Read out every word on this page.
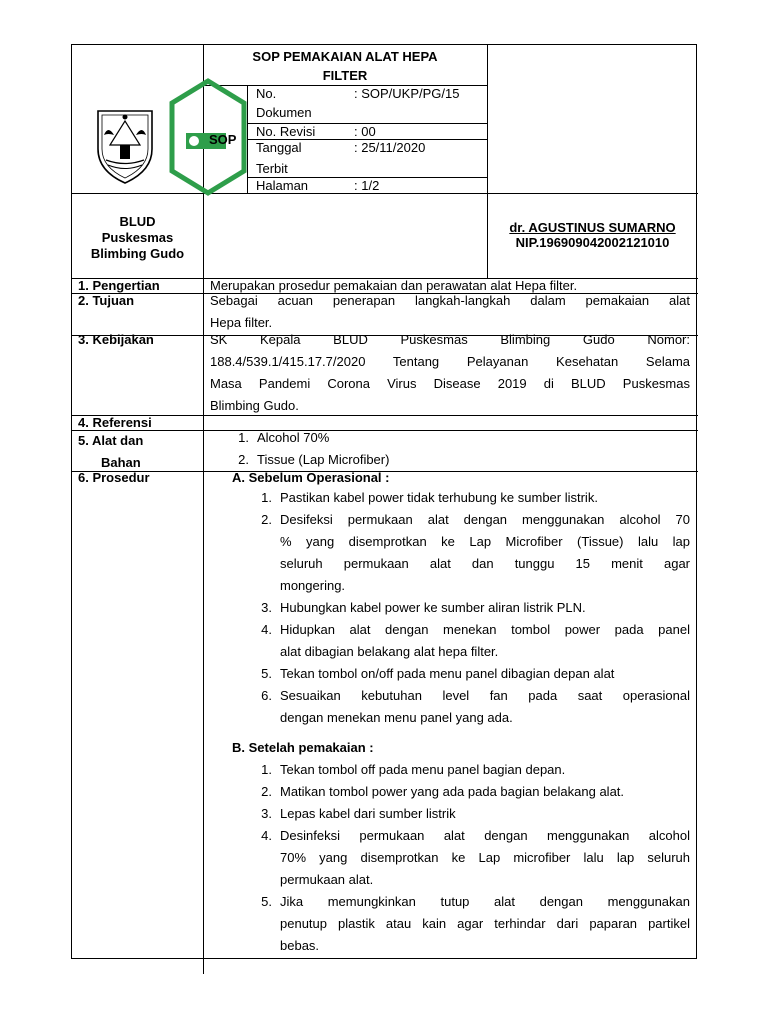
SOP
SOP PEMAKAIAN ALAT HEPA
FILTER
No.
Dokumen
: SOP/UKP/PG/15
No. Revisi	: 00
Tanggal
Terbit
: 25/11/2020
Halaman	: 1/2
BLUD
Puskesmas
Blimbing Gudo
dr. AGUSTINUS SUMARNO
NIP.196909042002121010
1. Pengertian
2. Tujuan
3. Kebijakan
4. Referensi
5. Alat dan
Bahan
6. Prosedur
Merupakan prosedur pemakaian dan perawatan alat Hepa filter.
Sebagai acuan penerapan langkah-langkah dalam pemakaian alat
Hepa filter.
SK Kepala BLUD Puskesmas Blimbing Gudo Nomor:
188.4/539.1/415.17.7/2020 Tentang Pelayanan Kesehatan Selama
Masa Pandemi Corona Virus Disease 2019 di BLUD Puskesmas
Blimbing Gudo.
1. Alcohol 70%
2. Tissue (Lap Microfiber)
A. Sebelum Operasional :
1. Pastikan kabel power tidak terhubung ke sumber listrik.
2. Desifeksi permukaan alat dengan menggunakan alcohol 70
% yang disemprotkan ke Lap Microfiber (Tissue) lalu lap
seluruh permukaan alat dan tunggu 15 menit agar
mongering.
3. Hubungkan kabel power ke sumber aliran listrik PLN.
4. Hidupkan alat dengan menekan tombol power pada panel
alat dibagian belakang alat hepa filter.
5. Tekan tombol on/off pada menu panel dibagian depan alat
6. Sesuaikan kebutuhan level fan pada saat operasional
dengan menekan menu panel yang ada.
B. Setelah pemakaian :
1. Tekan tombol off pada menu panel bagian depan.
2. Matikan tombol power yang ada pada bagian belakang alat.
3. Lepas kabel dari sumber listrik
4. Desinfeksi permukaan alat dengan menggunakan alcohol
70% yang disemprotkan ke Lap microfiber lalu lap seluruh
permukaan alat.
5. Jika memungkinkan tutup alat dengan menggunakan
penutup plastik atau kain agar terhindar dari paparan partikel
bebas.
